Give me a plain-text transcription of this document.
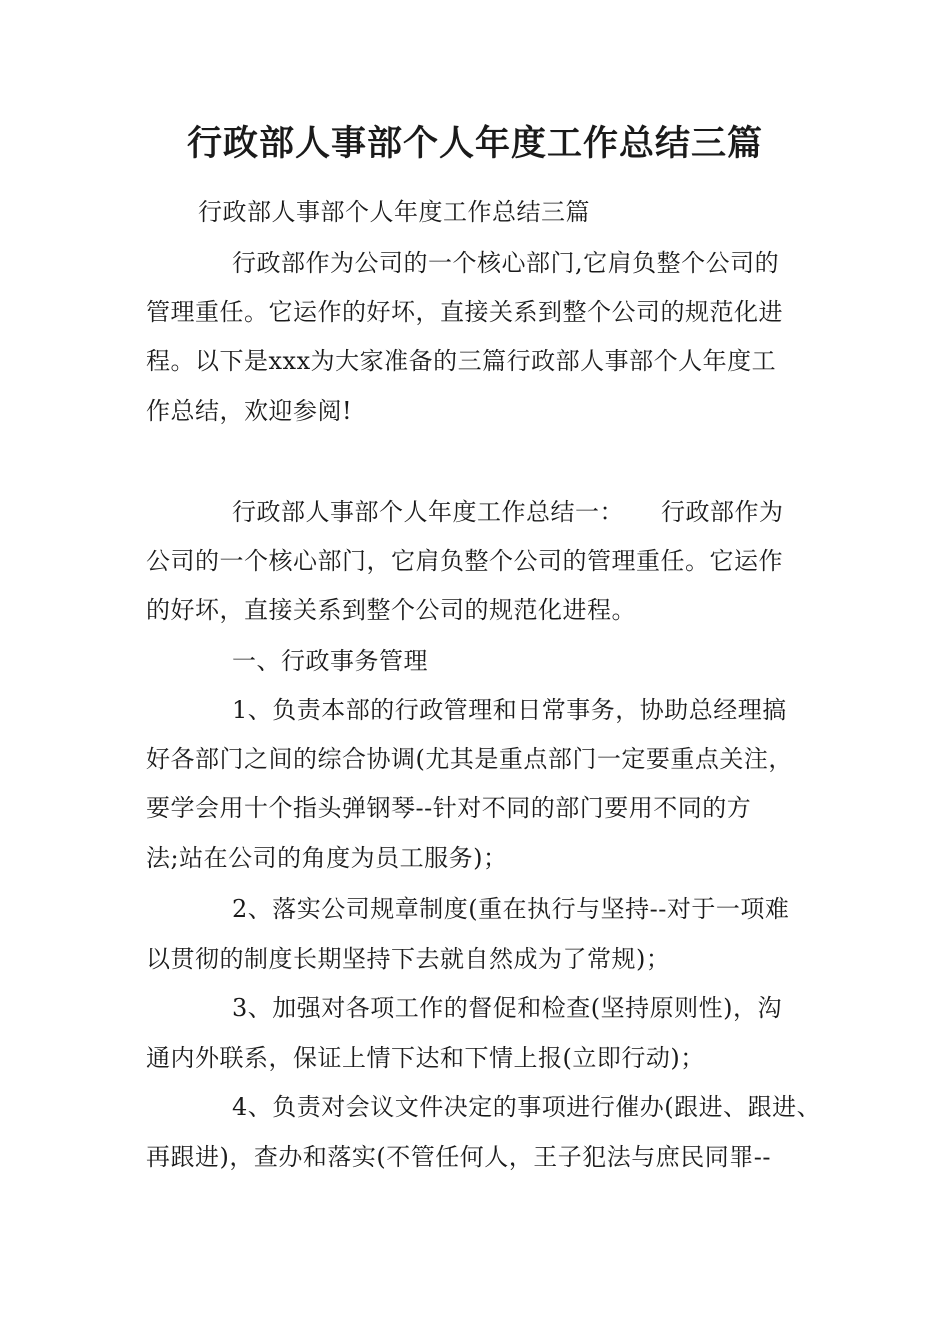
行政部人事部个人年度工作总结三篇
行政部人事部个人年度工作总结三篇
行政部作为公司的一个核心部门,它肩负整个公司的
管理重任。它运作的好坏，直接关系到整个公司的规范化进
程。以下是xxx为大家准备的三篇行政部人事部个人年度工
作总结，欢迎参阅!
行政部人事部个人年度工作总结一：　　行政部作为
公司的一个核心部门，它肩负整个公司的管理重任。它运作
的好坏，直接关系到整个公司的规范化进程。
一、行政事务管理
1、负责本部的行政管理和日常事务，协助总经理搞
好各部门之间的综合协调(尤其是重点部门一定要重点关注，
要学会用十个指头弹钢琴--针对不同的部门要用不同的方
法;站在公司的角度为员工服务)；
2、落实公司规章制度(重在执行与坚持--对于一项难
以贯彻的制度长期坚持下去就自然成为了常规)；
3、加强对各项工作的督促和检查(坚持原则性)，沟
通内外联系，保证上情下达和下情上报(立即行动)；
4、负责对会议文件决定的事项进行催办(跟进、跟进、
再跟进)，查办和落实(不管任何人，王子犯法与庶民同罪--
